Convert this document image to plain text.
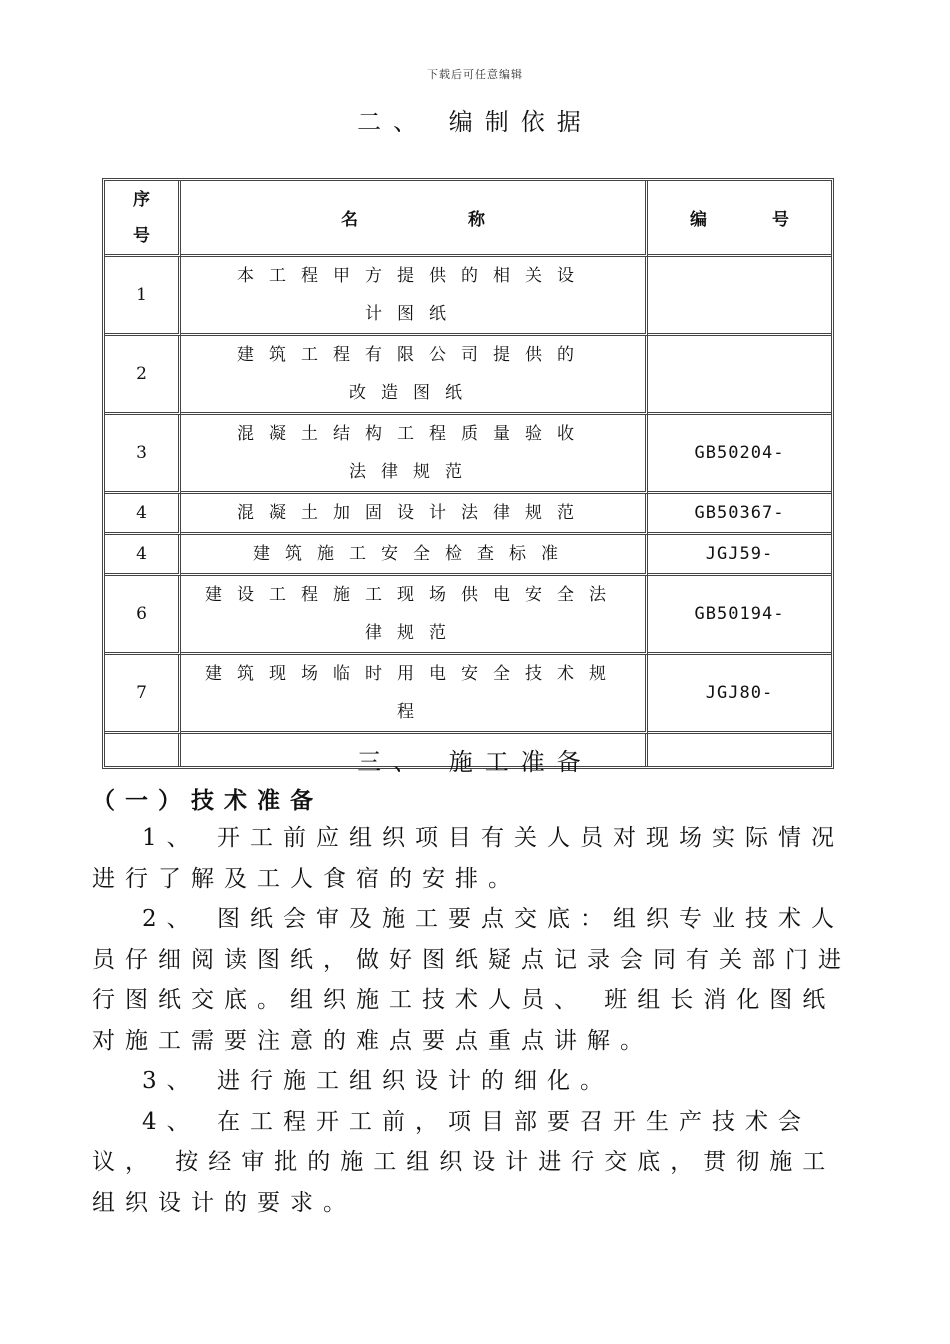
下载后可任意编辑
二、 编制依据
序
号	名 称	编 号
1	本工程甲方提供的相关设
计图纸	

2	建筑工程有限公司提供的
改造图纸	

3	混凝土结构工程质量验收
法律规范	GB50204-
4	混凝土加固设计法律规范	GB50367-
4	建筑施工安全检查标准	JGJ59-
6	建设工程施工现场供电安全法
律规范	GB50194-
7	建筑现场临时用电安全技术规
程	JGJ80-

三、 施工准备
（一）技术准备

1、 开工前应组织项目有关人员对现场实际情况进行了解及工人食宿的安排。

2、 图纸会审及施工要点交底：组织专业技术人员仔细阅读图纸，做好图纸疑点记录会同有关部门进行图纸交底。组织施工技术人员、 班组长消化图纸对施工需要注意的难点要点重点讲解。

3、 进行施工组织设计的细化。

4、 在工程开工前，项目部要召开生产技术会议， 按经审批的施工组织设计进行交底，贯彻施工组织设计的要求。
